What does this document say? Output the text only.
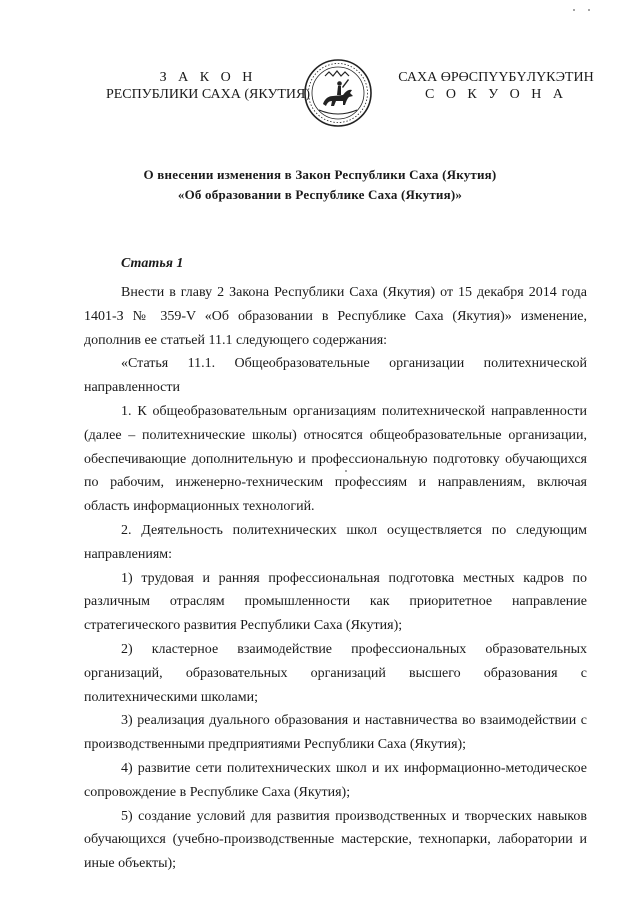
З А К О Н
РЕСПУБЛИКИ САХА (ЯКУТИЯ)
САХА ӨРӨСПҮҮБҮЛҮКЭТИН
С О К У О Н А
О внесении изменения в Закон Республики Саха (Якутия)
«Об образовании в Республике Саха (Якутия)»
Статья 1

Внести в главу 2 Закона Республики Саха (Якутия) от 15 декабря 2014 года 1401-З № 359-V «Об образовании в Республике Саха (Якутия)» изменение, дополнив ее статьей 11.1 следующего содержания:

«Статья 11.1. Общеобразовательные организации политехнической направленности

1. К общеобразовательным организациям политехнической направленности (далее – политехнические школы) относятся общеобразовательные организации, обеспечивающие дополнительную и профессиональную подготовку обучающихся по рабочим, инженерно-техническим профессиям и направлениям, включая область информационных технологий.

2. Деятельность политехнических школ осуществляется по следующим направлениям:

1) трудовая и ранняя профессиональная подготовка местных кадров по различным отраслям промышленности как приоритетное направление стратегического развития Республики Саха (Якутия);

2) кластерное взаимодействие профессиональных образовательных организаций, образовательных организаций высшего образования с политехническими школами;

3) реализация дуального образования и наставничества во взаимодействии с производственными предприятиями Республики Саха (Якутия);

4) развитие сети политехнических школ и их информационно-методическое сопровождение в Республике Саха (Якутия);

5) создание условий для развития производственных и творческих навыков обучающихся (учебно-производственные мастерские, технопарки, лаборатории и иные объекты);
